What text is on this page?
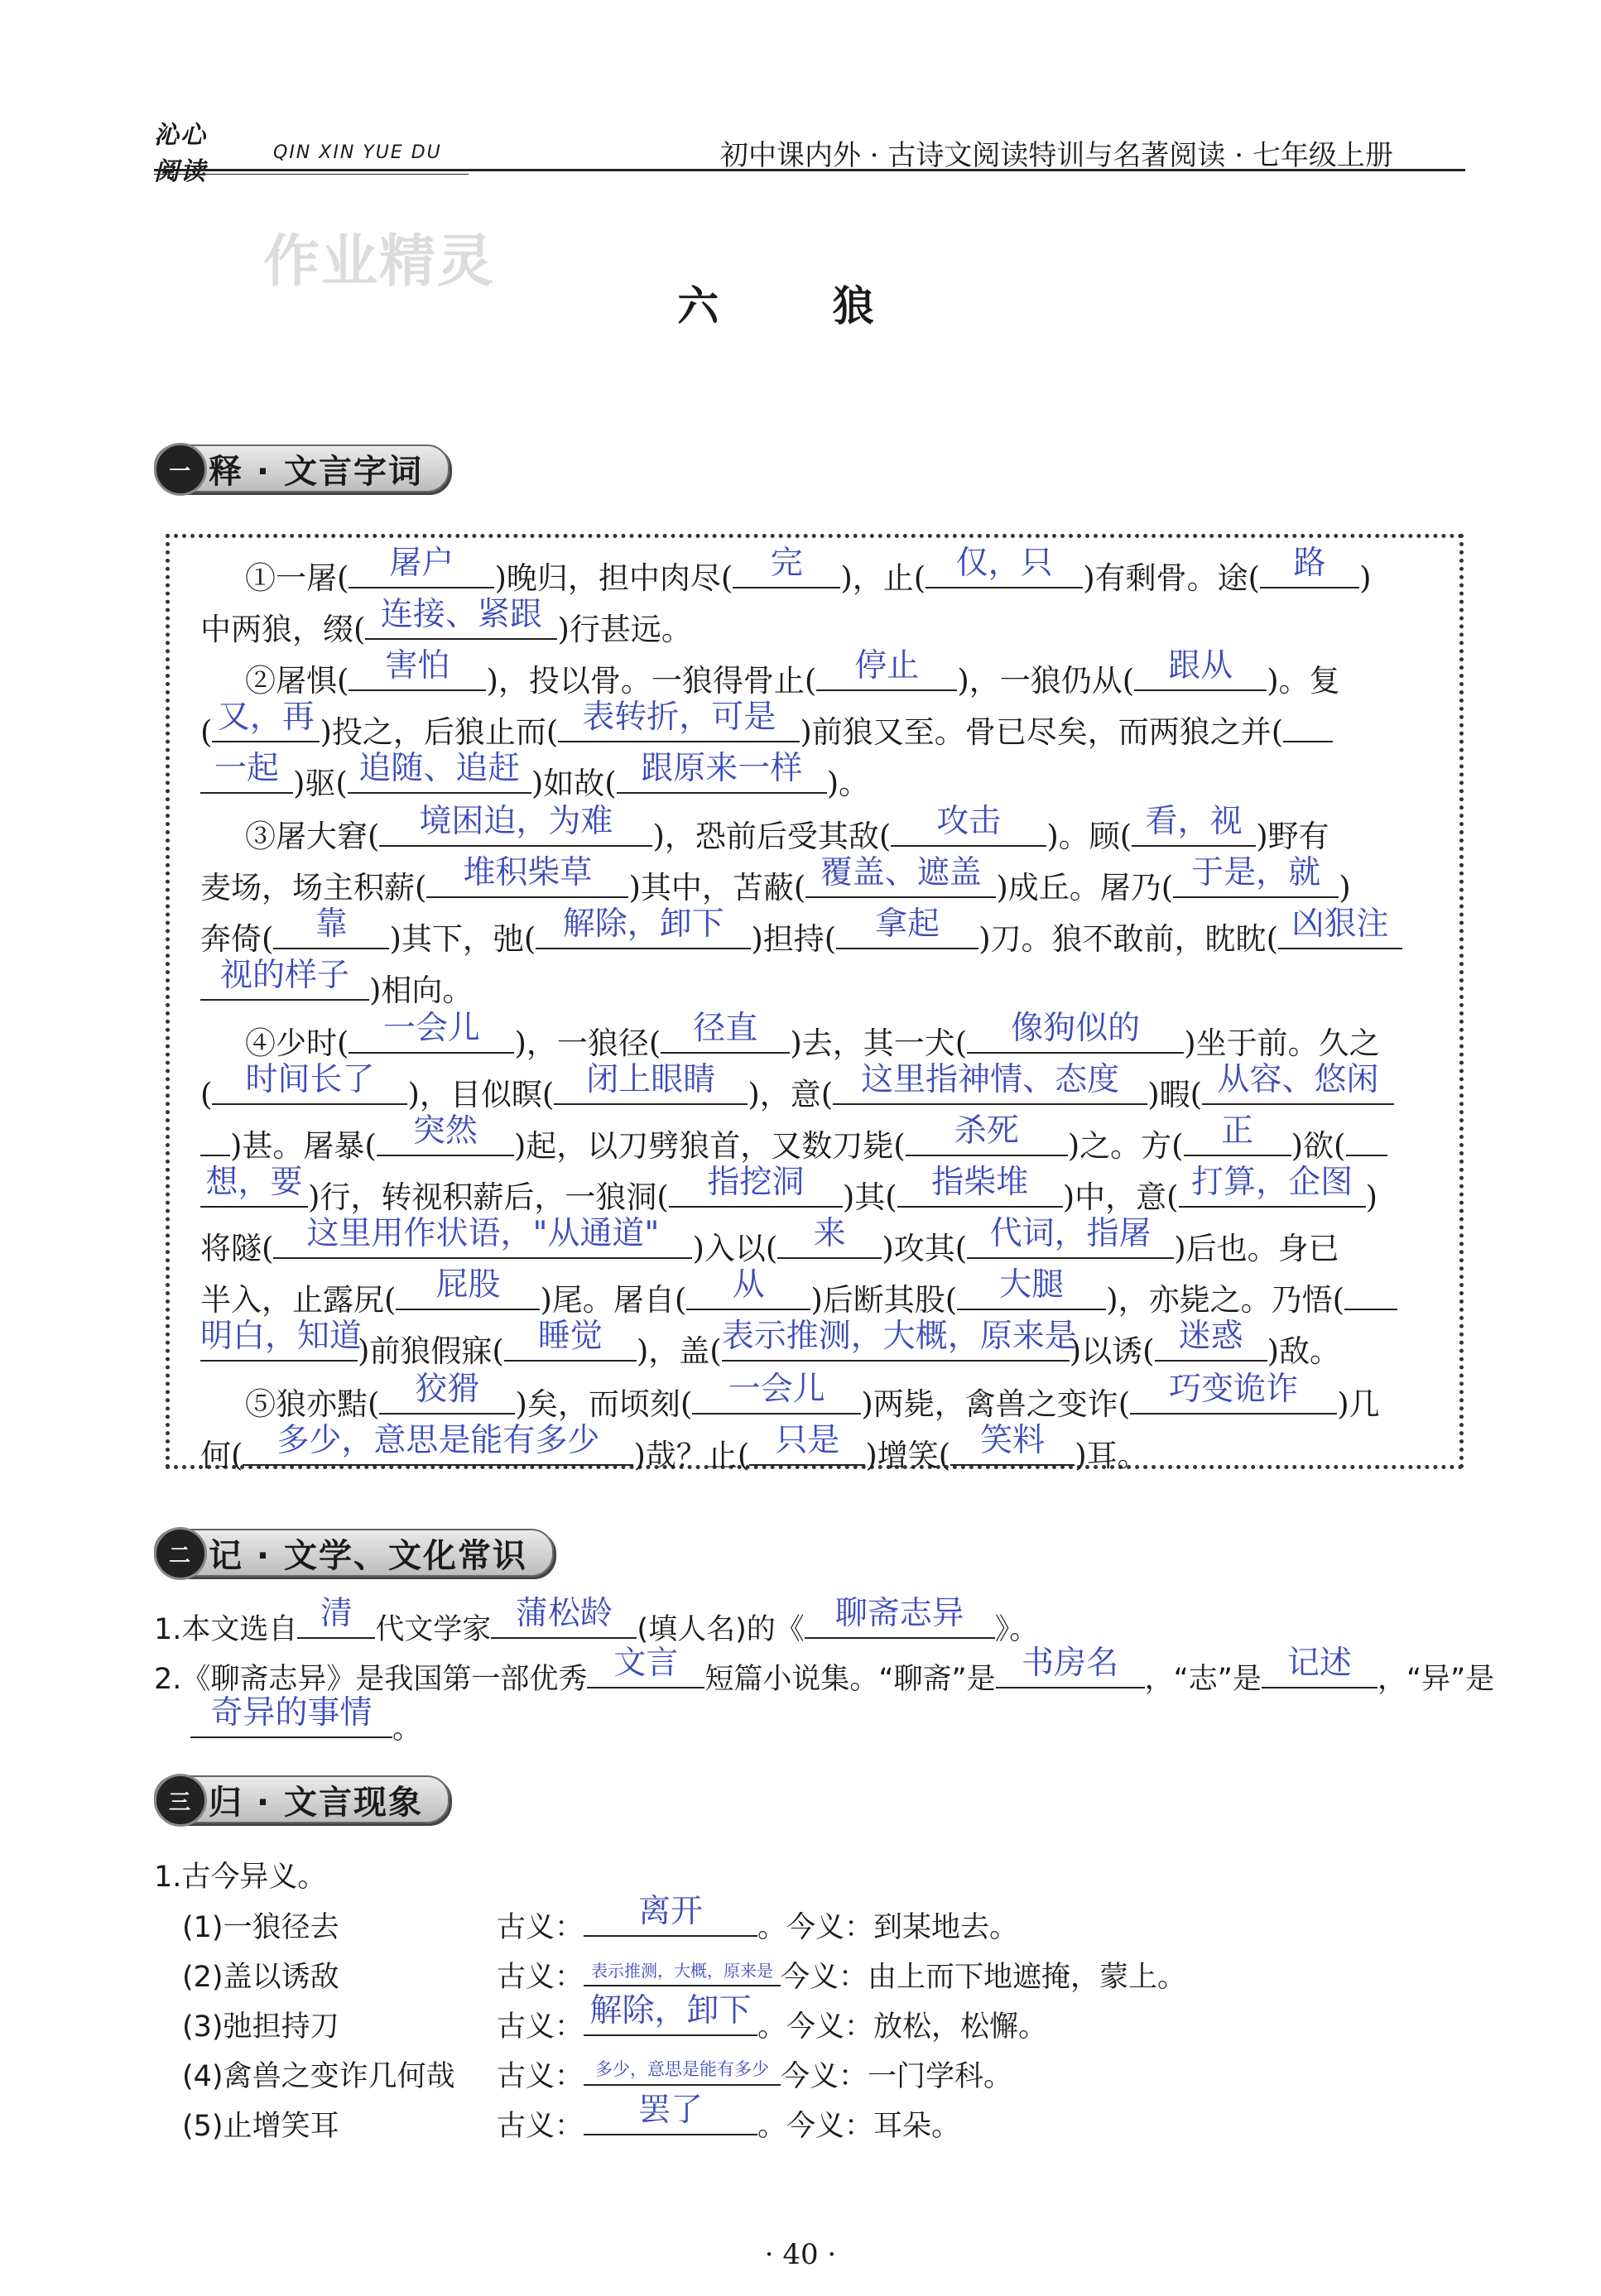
沁心
阅读
QIN XIN YUE DU	初中课内外 · 古诗文阅读特训与名著阅读 · 七年级上册
作业精灵
六 狼
一 释 · 文言字词
①一屠(	屠户	)晚归，担中肉尽(	完	)，止( 仅，只 )有剩骨。途(	路	)
中两狼，缀( 连接、紧跟 )行甚远。
②屠惧(	害怕	)，投以骨。一狼得骨止(	停止	)，一狼仍从(	跟从	)。复
( 又，再 )投之，后狼止而( 表转折，可是 )前狼又至。骨已尽矣，而两狼之并(
一起 )驱( 追随、追赶 )如故( 跟原来一样 )。
③屠大窘(	境困迫，为难	)，恐前后受其敌(	攻击	)。顾( 看，视 )野有
麦场，场主积薪(	堆积柴草	)其中，苫蔽( 覆盖、遮盖 )成丘。屠乃( 于是，就 )
奔倚(	靠	)其下，弛( 解除，卸下 )担持(	拿起	)刀。狼不敢前，眈眈( 凶狠注
视的样子 )相向。
④少时(	一会儿	)，一狼径( 径直	)去，其一犬(	像狗似的	)坐于前。久之
(	时间长了	)，目似瞑( 闭上眼睛	)，意( 这里指神情、态度 )暇( 从容、悠闲
)甚。屠暴(	突然	)起，以刀劈狼首，又数刀毙(	杀死	)之。方(	正	)欲(
想，要 )行，转视积薪后，一狼洞(	指挖洞	)其(	指柴堆	)中，意( 打算，企图 )
将隧(	这里用作状语，"从通道"	)入以(	来	)攻其( 代词，指屠 )后也。身已
半入，止露尻(	屁股	)尾。屠自(	从	)后断其股(	大腿	)，亦毙之。乃悟(
明白，知道
)前狼假寐(	睡觉	)，盖( 表示推测，大概，原来是
)以诱( 迷惑 )敌。
⑤狼亦黠(	狡猾	)矣，而顷刻(	一会儿	)两毙，禽兽之变诈(	巧变诡诈	)几
何(	多少，意思是能有多少	)哉？止( 只是 )增笑( 笑料 )耳。
二 记 · 文学、文化常识
1.本文选自 清 代文学家 蒲松龄 (填人名)的《 聊斋志异	》。
2.《聊斋志异》是我国第一部优秀 文言 短篇小说集。“聊斋”是 书房名 ，“志”是 记述 ，“异”是
奇异的事情 。
三 归 · 文言现象
1.古今异义。
(1)一狼径去	古义：	离开	。今义：到某地去。
(2)盖以诱敌	古义： 表示推测，大概，原来是 今义：由上而下地遮掩，蒙上。
(3)弛担持刀	古义： 解除，卸下 。今义：放松，松懈。
(4)禽兽之变诈几何哉 古义： 多少，意思是能有多少 今义：一门学科。
(5)止增笑耳	古义：	罢了	。今义：耳朵。
· 40 ·
